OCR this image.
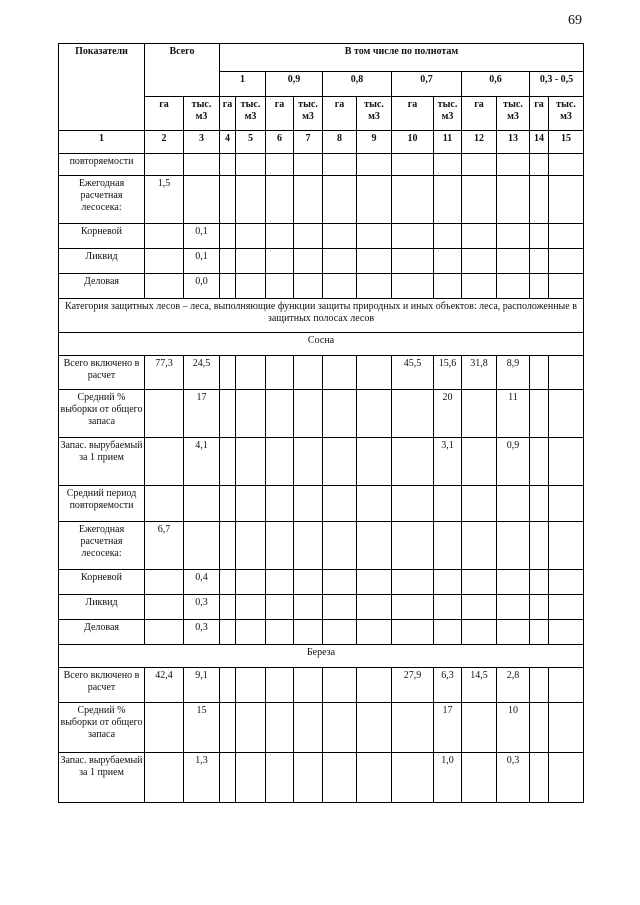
69
Показатели	Всего		В том числе по полнотам											
			1		0,9		0,8		0,7		0,6		0,3 - 0,5	
	га	тыс. м3	га	тыс. м3	га	тыс. м3	га	тыс. м3	га	тыс. м3	га	тыс. м3	га	тыс. м3
1	2	3	4	5	6	7	8	9	10	11	12	13	14	15
повторяемости														
Ежегодная расчетная лесосека:	1,5													
Корневой		0,1												
Ликвид		0,1												
Деловая		0,0												
Категория защитных лесов – леса, выполняющие функции защиты природных и иных объектов: леса, расположенные в защитных полосах лесов														
Сосна														
Всего включено в расчет	77,3	24,5							45,5	15,6	31,8	8,9		
Средний % выборки от общего запаса		17								20		11		
Запас. вырубаемый за 1 прием		4,1								3,1		0,9		
Средний период повторяемости														
Ежегодная расчетная лесосека:	6,7													
Корневой		0,4												
Ликвид		0,3												
Деловая		0,3												
Береза														
Всего включено в расчет	42,4	9,1							27,9	6,3	14,5	2,8		
Средний % выборки от общего запаса		15								17		10		
Запас. вырубаемый за 1 прием		1,3								1,0		0,3		
